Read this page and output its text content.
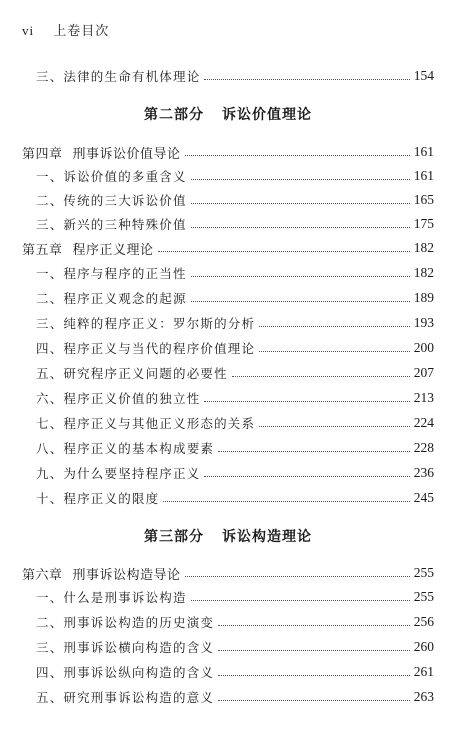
vi 上卷目次
三、法律的生命有机体理论	154
第二部分 诉讼价值理论
第四章 刑事诉讼价值导论	161
一、诉讼价值的多重含义	161
二、传统的三大诉讼价值	165
三、新兴的三种特殊价值	175
第五章 程序正义理论	182
一、程序与程序的正当性	182
二、程序正义观念的起源	189
三、纯粹的程序正义：罗尔斯的分析	193
四、程序正义与当代的程序价值理论	200
五、研究程序正义问题的必要性	207
六、程序正义价值的独立性	213
七、程序正义与其他正义形态的关系	224
八、程序正义的基本构成要素	228
九、为什么要坚持程序正义	236
十、程序正义的限度	245
第三部分 诉讼构造理论
第六章 刑事诉讼构造导论	255
一、什么是刑事诉讼构造	255
二、刑事诉讼构造的历史演变	256
三、刑事诉讼横向构造的含义	260
四、刑事诉讼纵向构造的含义	261
五、研究刑事诉讼构造的意义	263
